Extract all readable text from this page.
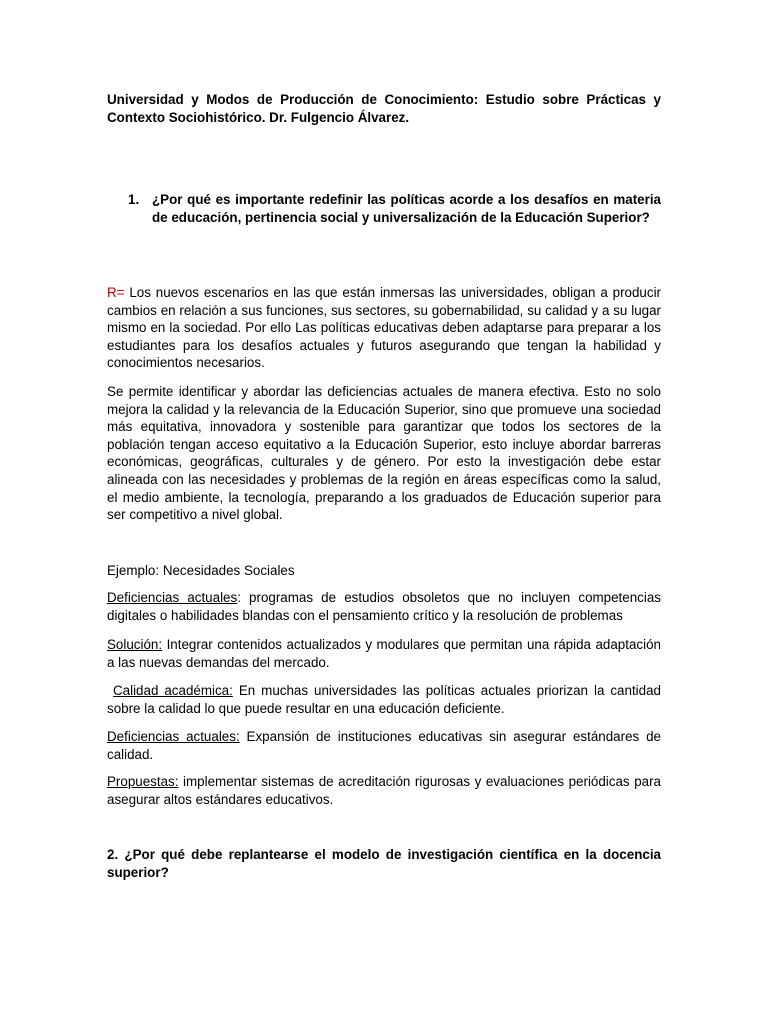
Universidad y Modos de Producción de Conocimiento: Estudio sobre Prácticas y Contexto Sociohistórico. Dr. Fulgencio Álvarez.
1. ¿Por qué es importante redefinir las políticas acorde a los desafíos en materia de educación, pertinencia social y universalización de la Educación Superior?
R= Los nuevos escenarios en las que están inmersas las universidades, obligan a producir cambios en relación a sus funciones, sus sectores, su gobernabilidad, su calidad y a su lugar mismo en la sociedad. Por ello Las políticas educativas deben adaptarse para preparar a los estudiantes para los desafíos actuales y futuros asegurando que tengan la habilidad y conocimientos necesarios.
Se permite identificar y abordar las deficiencias actuales de manera efectiva. Esto no solo mejora la calidad y la relevancia de la Educación Superior, sino que promueve una sociedad más equitativa, innovadora y sostenible para garantizar que todos los sectores de la población tengan acceso equitativo a la Educación Superior, esto incluye abordar barreras económicas, geográficas, culturales y de género. Por esto la investigación debe estar alineada con las necesidades y problemas de la región en áreas específicas como la salud, el medio ambiente, la tecnología, preparando a los graduados de Educación superior para ser competitivo a nivel global.
Ejemplo: Necesidades Sociales
Deficiencias actuales: programas de estudios obsoletos que no incluyen competencias digitales o habilidades blandas con el pensamiento crítico y la resolución de problemas
Solución: Integrar contenidos actualizados y modulares que permitan una rápida adaptación a las nuevas demandas del mercado.
Calidad académica: En muchas universidades las políticas actuales priorizan la cantidad sobre la calidad lo que puede resultar en una educación deficiente.
Deficiencias actuales: Expansión de instituciones educativas sin asegurar estándares de calidad.
Propuestas: implementar sistemas de acreditación rigurosas y evaluaciones periódicas para asegurar altos estándares educativos.
2. ¿Por qué debe replantearse el modelo de investigación científica en la docencia superior?
